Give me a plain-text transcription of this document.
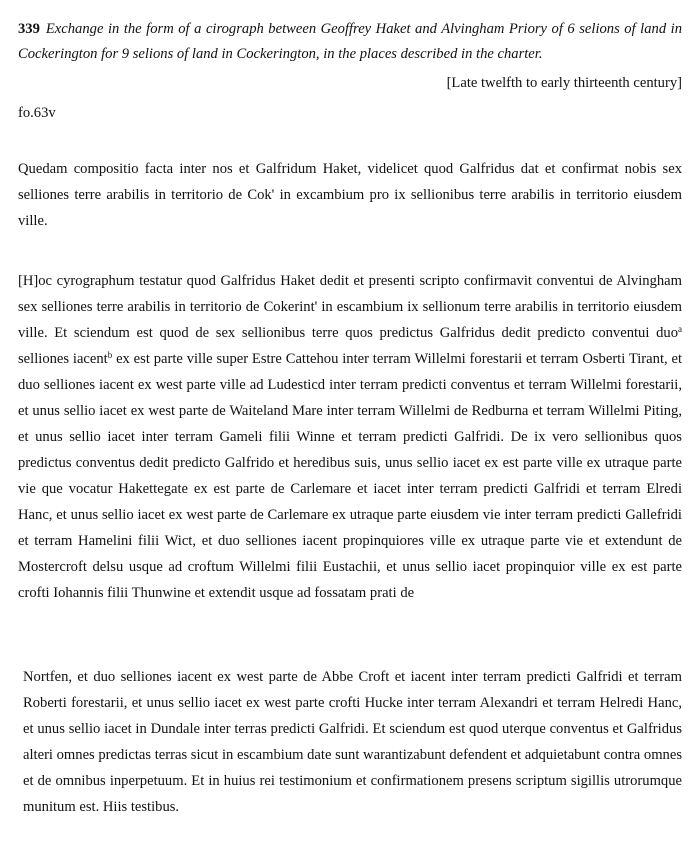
339 Exchange in the form of a cirograph between Geoffrey Haket and Alvingham Priory of 6 selions of land in Cockerington for 9 selions of land in Cockerington, in the places described in the charter.
[Late twelfth to early thirteenth century]
fo.63v

Quedam compositio facta inter nos et Galfridum Haket, videlicet quod Galfridus dat et confirmat nobis sex selliones terre arabilis in territorio de Cok' in excambium pro ix sellionibus terre arabilis in territorio eiusdem ville.

[H]oc cyrographum testatur quod Galfridus Haket dedit et presenti scripto confirmavit conventui de Alvingham sex selliones terre arabilis in territorio de Cokerint' in escambium ix sellionum terre arabilis in territorio eiusdem ville. Et sciendum est quod de sex sellionibus terre quos predictus Galfridus dedit predicto conventui duo$^a$ selliones iacent$^b$ ex est parte ville super Estre Cattehou inter terram Willelmi forestarii et terram Osberti Tirant, et duo selliones iacent ex west parte ville ad Ludesticd inter terram predicti conventus et terram Willelmi forestarii, et unus sellio iacet ex west parte de Waiteland Mare inter terram Willelmi de Redburna et terram Willelmi Piting, et unus sellio iacet inter terram Gameli filii Winne et terram predicti Galfridi. De ix vero sellionibus quos predictus conventus dedit predicto Galfrido et heredibus suis, unus sellio iacet ex est parte ville ex utraque parte vie que vocatur Hakettegate ex est parte de Carlemare et iacet inter terram predicti Galfridi et terram Elredi Hanc, et unus sellio iacet ex west parte de Carlemare ex utraque parte eiusdem vie inter terram predicti Gallefridi et terram Hamelini filii Wict, et duo selliones iacent propinquiores ville ex utraque parte vie et extendunt de Mostercroft delsu usque ad croftum Willelmi filii Eustachii, et unus sellio iacet propinquior ville ex est parte crofti Iohannis filii Thunwine et extendit usque ad fossatam prati de

Nortfen, et duo selliones iacent ex west parte de Abbe Croft et iacent inter terram predicti Galfridi et terram Roberti forestarii, et unus sellio iacet ex west parte crofti Hucke inter terram Alexandri et terram Helredi Hanc, et unus sellio iacet in Dundale inter terras predicti Galfridi. Et sciendum est quod uterque conventus et Galfridus alteri omnes predictas terras sicut in escambium date sunt warantizabunt defendent et adquietabunt contra omnes et de omnibus inperpetuum. Et in huius rei testimonium et confirmationem presens scriptum sigillis utrorumque munitum est. Hiis testibus.
